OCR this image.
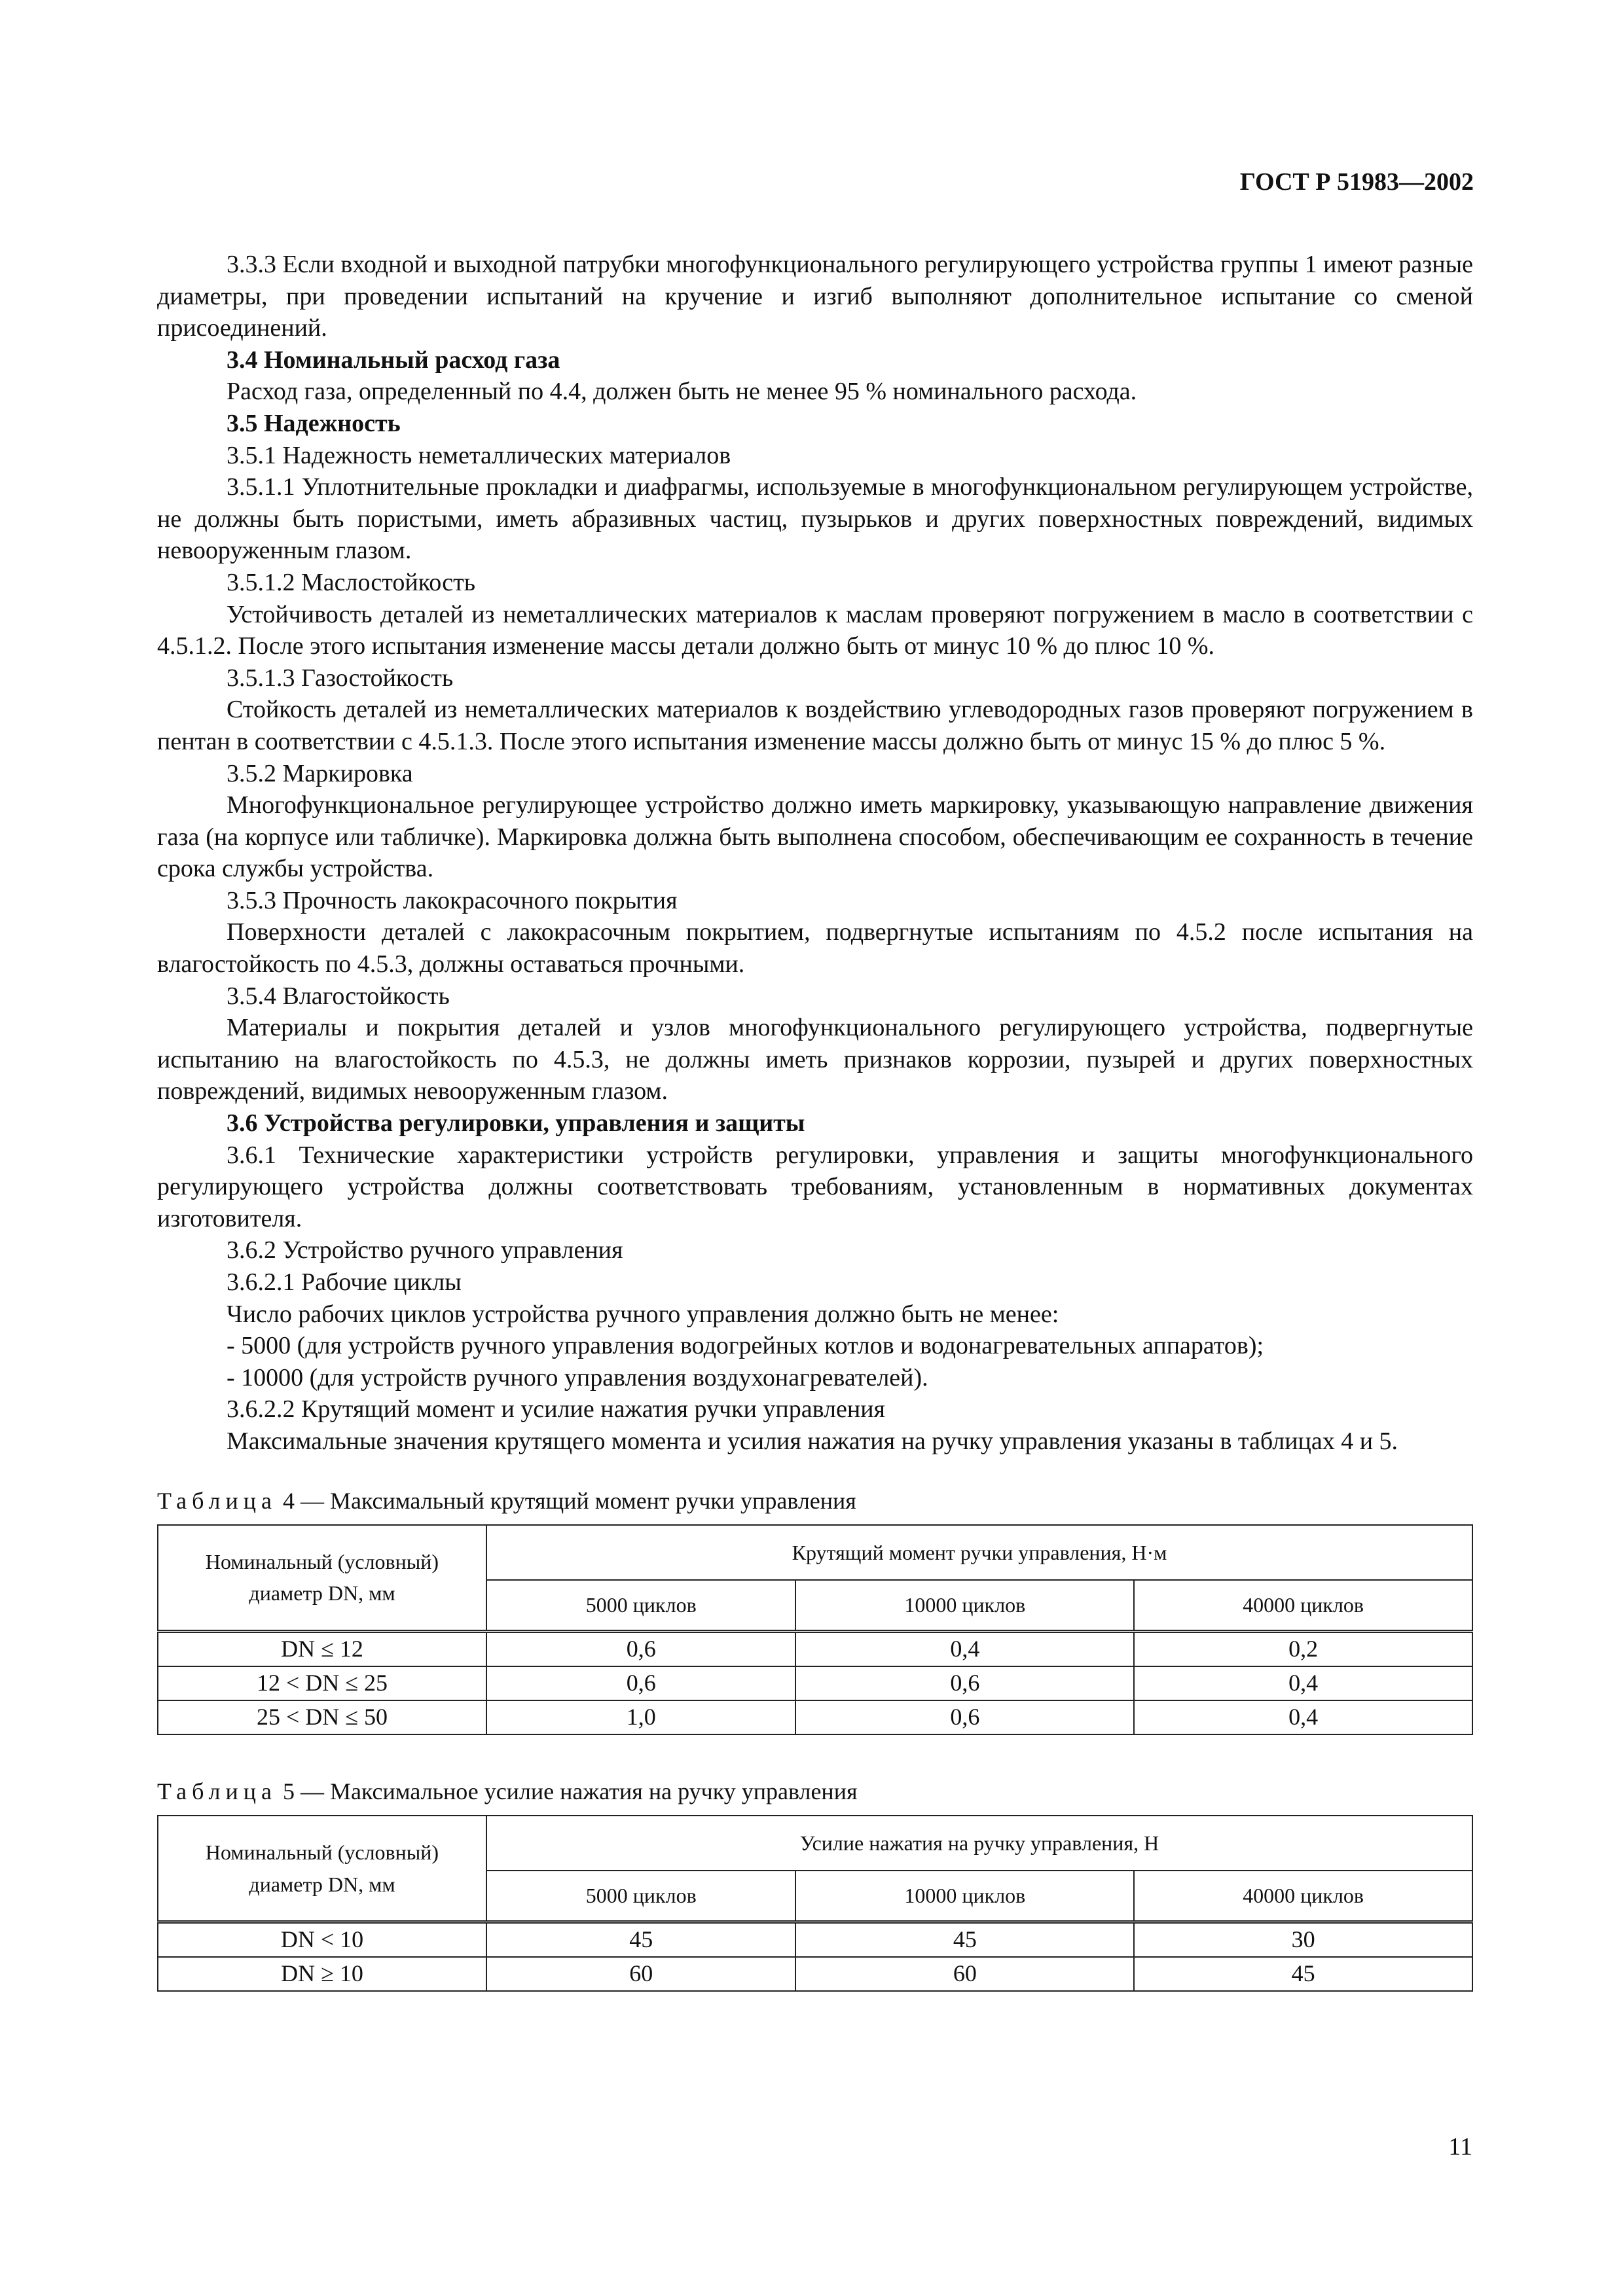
ГОСТ Р 51983—2002

3.3.3 Если входной и выходной патрубки многофункционального регулирующего устройства группы 1 имеют разные диаметры, при проведении испытаний на кручение и изгиб выполняют дополнительное испытание со сменой присоединений.

3.4 Номинальный расход газа

Расход газа, определенный по 4.4, должен быть не менее 95 % номинального расхода.

3.5 Надежность

3.5.1 Надежность неметаллических материалов

3.5.1.1 Уплотнительные прокладки и диафрагмы, используемые в многофункциональном регулирующем устройстве, не должны быть пористыми, иметь абразивных частиц, пузырьков и других поверхностных повреждений, видимых невооруженным глазом.

3.5.1.2 Маслостойкость

Устойчивость деталей из неметаллических материалов к маслам проверяют погружением в масло в соответствии с 4.5.1.2. После этого испытания изменение массы детали должно быть от минус 10 % до плюс 10 %.

3.5.1.3 Газостойкость

Стойкость деталей из неметаллических материалов к воздействию углеводородных газов проверяют погружением в пентан в соответствии с 4.5.1.3. После этого испытания изменение массы должно быть от минус 15 % до плюс 5 %.

3.5.2 Маркировка

Многофункциональное регулирующее устройство должно иметь маркировку, указывающую направление движения газа (на корпусе или табличке). Маркировка должна быть выполнена способом, обеспечивающим ее сохранность в течение срока службы устройства.

3.5.3 Прочность лакокрасочного покрытия

Поверхности деталей с лакокрасочным покрытием, подвергнутые испытаниям по 4.5.2 после испытания на влагостойкость по 4.5.3, должны оставаться прочными.

3.5.4 Влагостойкость

Материалы и покрытия деталей и узлов многофункционального регулирующего устройства, подвергнутые испытанию на влагостойкость по 4.5.3, не должны иметь признаков коррозии, пузырей и других поверхностных повреждений, видимых невооруженным глазом.

3.6 Устройства регулировки, управления и защиты

3.6.1 Технические характеристики устройств регулировки, управления и защиты многофункционального регулирующего устройства должны соответствовать требованиям, установленным в нормативных документах изготовителя.

3.6.2 Устройство ручного управления

3.6.2.1 Рабочие циклы

Число рабочих циклов устройства ручного управления должно быть не менее:

- 5000 (для устройств ручного управления водогрейных котлов и водонагревательных аппаратов);

- 10000 (для устройств ручного управления воздухонагревателей).

3.6.2.2 Крутящий момент и усилие нажатия ручки управления

Максимальные значения крутящего момента и усилия нажатия на ручку управления указаны в таблицах 4 и 5.

Таблица 4 — Максимальный крутящий момент ручки управления

Номинальный (условный)
диаметр DN, мм	Крутящий момент ручки управления, Н·м		
	5000 циклов	10000 циклов	40000 циклов
DN ≤ 12	0,6	0,4	0,2
12 < DN ≤ 25	0,6	0,6	0,4
25 < DN ≤ 50	1,0	0,6	0,4

Таблица 5 — Максимальное усилие нажатия на ручку управления

Номинальный (условный)
диаметр DN, мм	Усилие нажатия на ручку управления, Н		
	5000 циклов	10000 циклов	40000 циклов
DN < 10	45	45	30
DN ≥ 10	60	60	45
11
